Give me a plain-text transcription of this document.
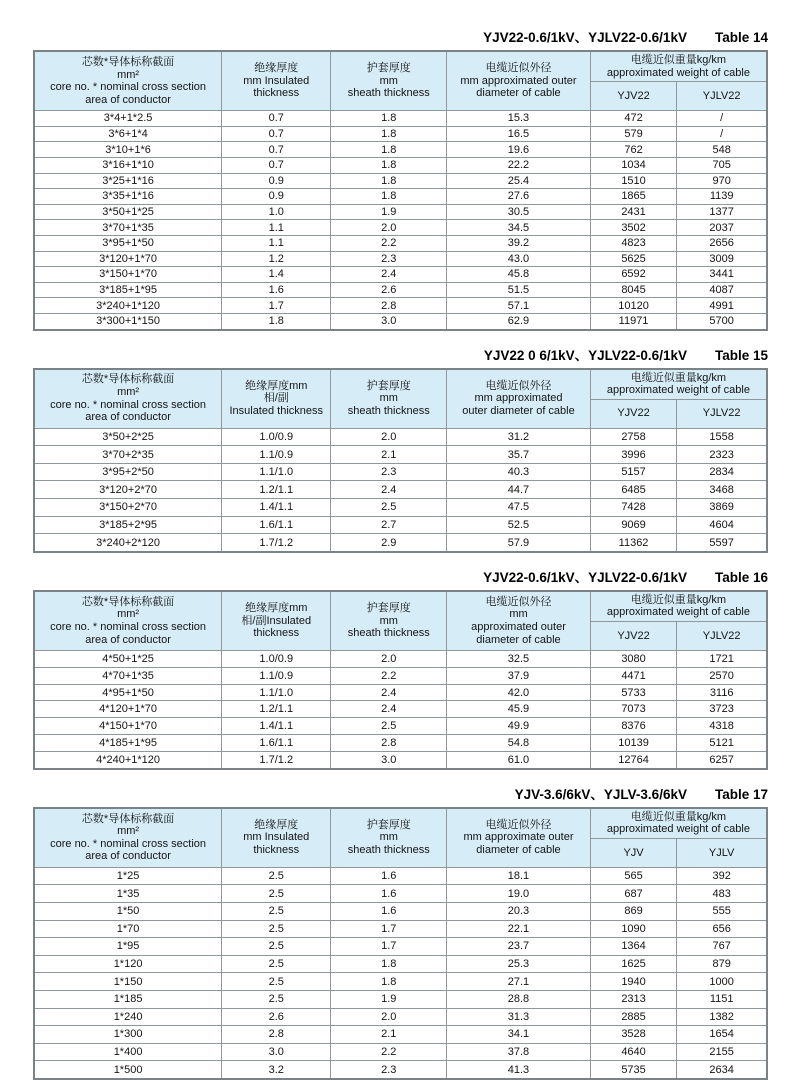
YJV22-0.6/1kV、YJLV22-0.6/1kV Table 14
芯数*导体标称截面
mm²
core no. * nominal cross section
area of conductor	绝缘厚度
mm Insulated
thickness	护套厚度
mm
sheath thickness	电缆近似外径
mm approximated outer
diameter of cable	电缆近似重量kg/km
approximated weight of cable	
				YJV22	YJLV22
3*4+1*2.5	0.7	1.8	15.3	472	/
3*6+1*4	0.7	1.8	16.5	579	/
3*10+1*6	0.7	1.8	19.6	762	548
3*16+1*10	0.7	1.8	22.2	1034	705
3*25+1*16	0.9	1.8	25.4	1510	970
3*35+1*16	0.9	1.8	27.6	1865	1139
3*50+1*25	1.0	1.9	30.5	2431	1377
3*70+1*35	1.1	2.0	34.5	3502	2037
3*95+1*50	1.1	2.2	39.2	4823	2656
3*120+1*70	1.2	2.3	43.0	5625	3009
3*150+1*70	1.4	2.4	45.8	6592	3441
3*185+1*95	1.6	2.6	51.5	8045	4087
3*240+1*120	1.7	2.8	57.1	10120	4991
3*300+1*150	1.8	3.0	62.9	11971	5700
YJV22 0 6/1kV、YJLV22-0.6/1kV Table 15
芯数*导体标称截面
mm²
core no. * nominal cross section
area of conductor	绝缘厚度mm
相/副
Insulated thickness	护套厚度
mm
sheath thickness	电缆近似外径
mm approximated
outer diameter of cable	电缆近似重量kg/km
approximated weight of cable	
				YJV22	YJLV22
3*50+2*25	1.0/0.9	2.0	31.2	2758	1558
3*70+2*35	1.1/0.9	2.1	35.7	3996	2323
3*95+2*50	1.1/1.0	2.3	40.3	5157	2834
3*120+2*70	1.2/1.1	2.4	44.7	6485	3468
3*150+2*70	1.4/1.1	2.5	47.5	7428	3869
3*185+2*95	1.6/1.1	2.7	52.5	9069	4604
3*240+2*120	1.7/1.2	2.9	57.9	11362	5597
YJV22-0.6/1kV、YJLV22-0.6/1kV Table 16
芯数*导体标称截面
mm²
core no. * nominal cross section
area of conductor	绝缘厚度mm
相/副Insulated
thickness	护套厚度
mm
sheath thickness	电缆近似外径
mm
approximated outer
diameter of cable	电缆近似重量kg/km
approximated weight of cable	
				YJV22	YJLV22
4*50+1*25	1.0/0.9	2.0	32.5	3080	1721
4*70+1*35	1.1/0.9	2.2	37.9	4471	2570
4*95+1*50	1.1/1.0	2.4	42.0	5733	3116
4*120+1*70	1.2/1.1	2.4	45.9	7073	3723
4*150+1*70	1.4/1.1	2.5	49.9	8376	4318
4*185+1*95	1.6/1.1	2.8	54.8	10139	5121
4*240+1*120	1.7/1.2	3.0	61.0	12764	6257
YJV-3.6/6kV、YJLV-3.6/6kV Table 17
芯数*导体标称截面
mm²
core no. * nominal cross section
area of conductor	绝缘厚度
mm Insulated
thickness	护套厚度
mm
sheath thickness	电缆近似外径
mm approximate outer
diameter of cable	电缆近似重量kg/km
approximated weight of cable	
				YJV	YJLV
1*25	2.5	1.6	18.1	565	392
1*35	2.5	1.6	19.0	687	483
1*50	2.5	1.6	20.3	869	555
1*70	2.5	1.7	22.1	1090	656
1*95	2.5	1.7	23.7	1364	767
1*120	2.5	1.8	25.3	1625	879
1*150	2.5	1.8	27.1	1940	1000
1*185	2.5	1.9	28.8	2313	1151
1*240	2.6	2.0	31.3	2885	1382
1*300	2.8	2.1	34.1	3528	1654
1*400	3.0	2.2	37.8	4640	2155
1*500	3.2	2.3	41.3	5735	2634
